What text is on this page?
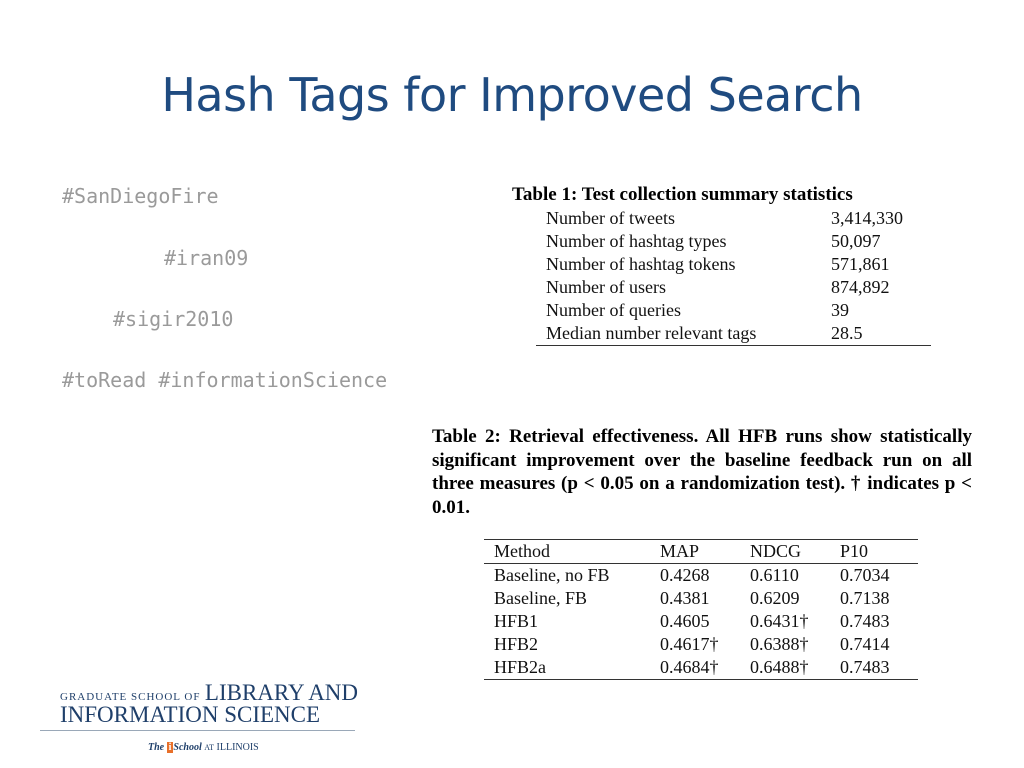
Hash Tags for Improved Search
#SanDiegoFire
#iran09
#sigir2010
#toRead #informationScience
Table 1: Test collection summary statistics
Number of tweets	3,414,330
Number of hashtag types	50,097
Number of hashtag tokens	571,861
Number of users	874,892
Number of queries	39
Median number relevant tags	28.5
Table 2: Retrieval effectiveness. All HFB runs show statistically significant improvement over the baseline feedback run on all three measures (p < 0.05 on a randomization test). † indicates p < 0.01.
Method	MAP	NDCG	P10
Baseline, no FB	0.4268	0.6110	0.7034
Baseline, FB	0.4381	0.6209	0.7138
HFB1	0.4605	0.6431†	0.7483
HFB2	0.4617†	0.6388†	0.7414
HFB2a	0.4684†	0.6488†	0.7483
GRADUATE SCHOOL OF LIBRARY AND
INFORMATION SCIENCE
The i School AT ILLINOIS
